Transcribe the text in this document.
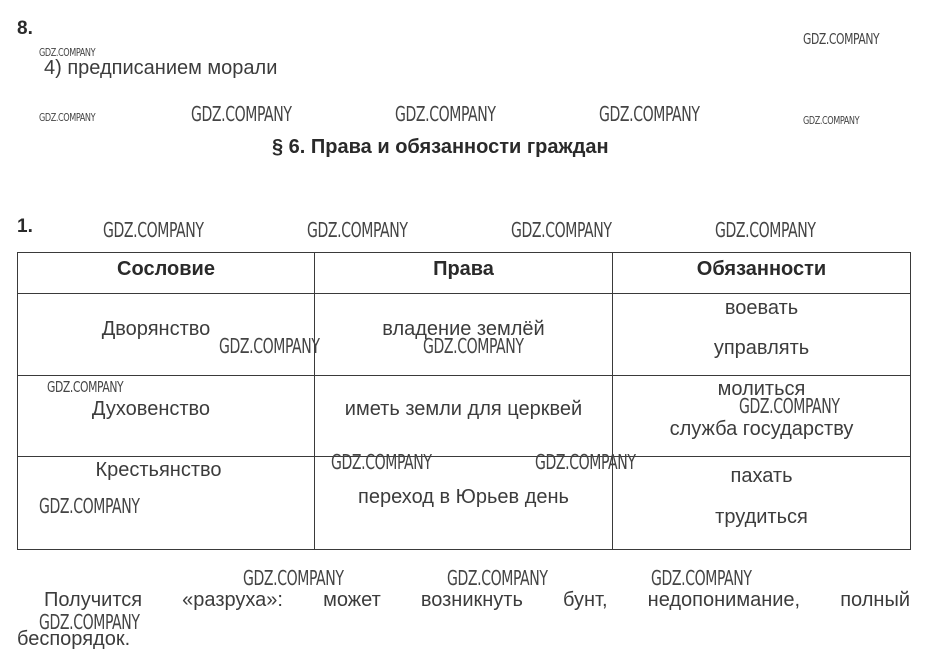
8.
4) предписанием морали
§ 6. Права и обязанности граждан
1.
Сословие	Права	Обязанности

Дворянство	владение землёй	воевать
управлять

Духовенство	иметь земли для церквей	молиться
служба государству

Крестьянство	переход в Юрьев день	пахать
трудиться
Получится «разруха»: может возникнуть бунт, недопонимание, полный
беспорядок.
GDZ.COMPANY
GDZ.COMPANY
GDZ.COMPANY	GDZ.COMPANY	GDZ.COMPANY	GDZ.COMPANY	GDZ.COMPANY
GDZ.COMPANY	GDZ.COMPANY	GDZ.COMPANY	GDZ.COMPANY
GDZ.COMPANY	GDZ.COMPANY
GDZ.COMPANY
GDZ.COMPANY
GDZ.COMPANY	GDZ.COMPANY
GDZ.COMPANY
GDZ.COMPANY	GDZ.COMPANY	GDZ.COMPANY
GDZ.COMPANY
